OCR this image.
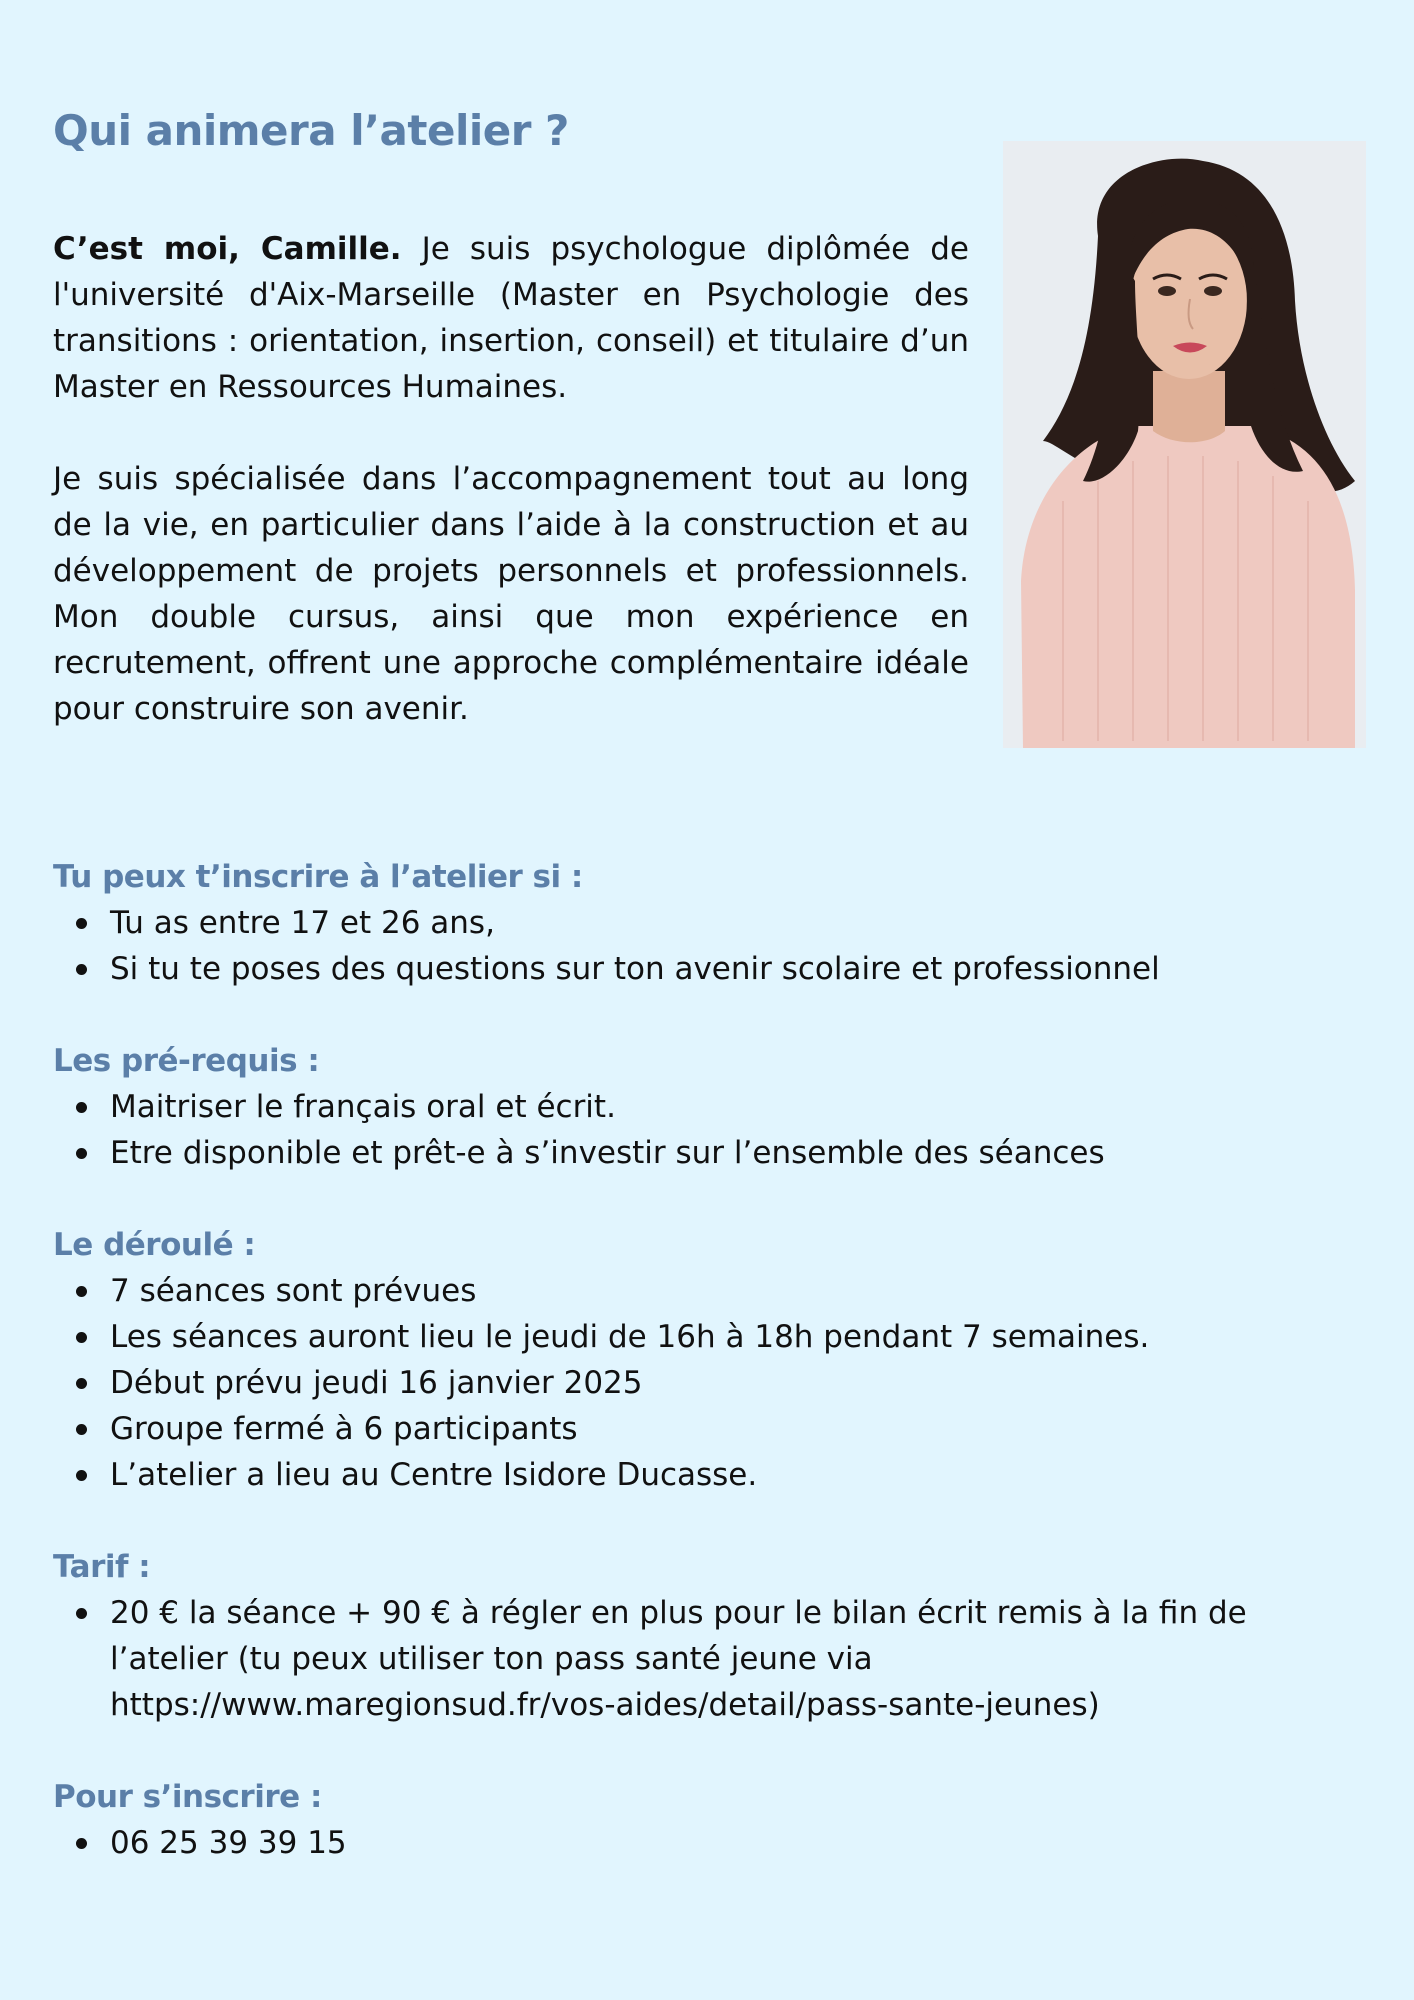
Qui animera l’atelier ?

C’est moi, Camille. Je suis psychologue diplômée de l'université d'Aix-Marseille (Master en Psychologie des transitions : orientation, insertion, conseil) et titulaire d’un Master en Ressources Humaines.

Je suis spécialisée dans l’accompagnement tout au long de la vie, en particulier dans l’aide à la construction et au développement de projets personnels et professionnels. Mon double cursus, ainsi que mon expérience en recrutement, offrent une approche complémentaire idéale pour construire son avenir.

Tu peux t’inscrire à l’atelier si :
Tu as entre 17 et 26 ans,
Si tu te poses des questions sur ton avenir scolaire et professionnel
Les pré-requis :
Maitriser le français oral et écrit.
Etre disponible et prêt-e à s’investir sur l’ensemble des séances
Le déroulé :
7 séances sont prévues
Les séances auront lieu le jeudi de 16h à 18h pendant 7 semaines.
Début prévu jeudi 16 janvier 2025
Groupe fermé à 6 participants
L’atelier a lieu au Centre Isidore Ducasse.
Tarif :
20 € la séance + 90 € à régler en plus pour le bilan écrit remis à la fin de l’atelier (tu peux utiliser ton pass santé jeune via https://www.maregionsud.fr/vos-aides/detail/pass-sante-jeunes)
Pour s’inscrire :
06 25 39 39 15
